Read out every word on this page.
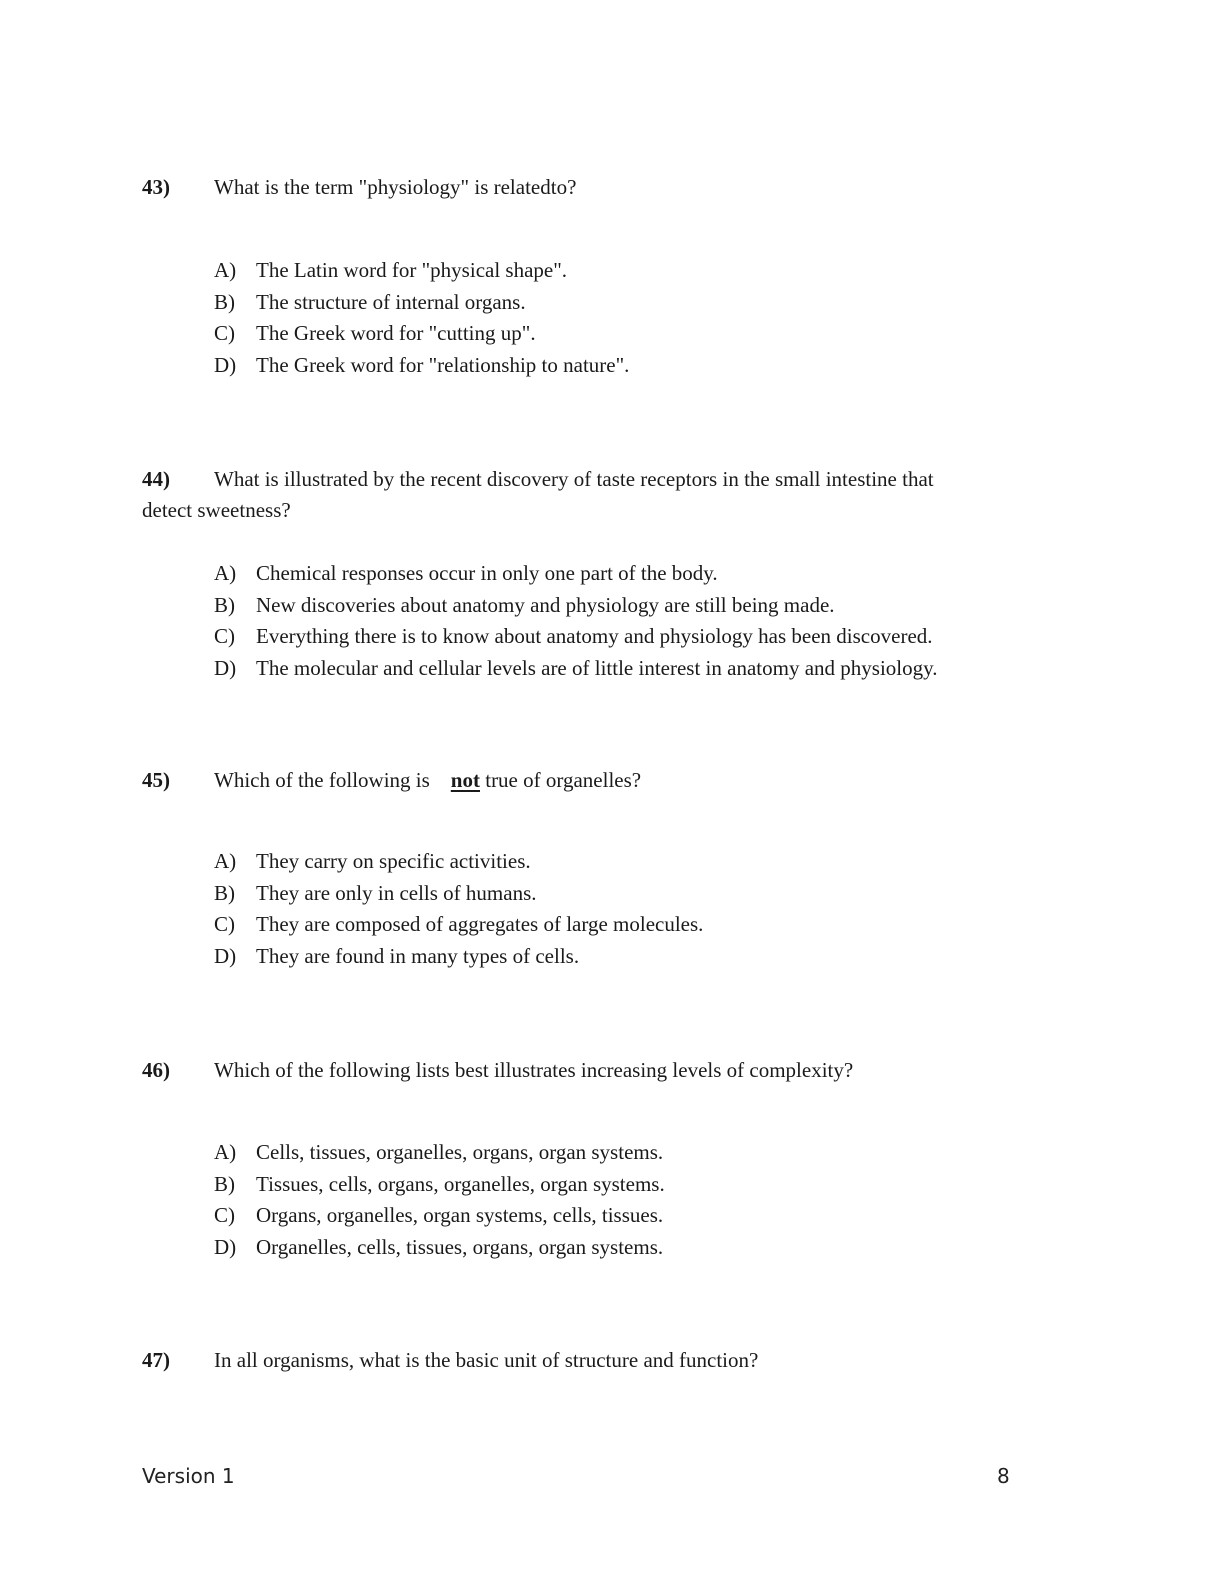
43) What is the term "physiology" is relatedto?
A) The Latin word for "physical shape".
B) The structure of internal organs.
C) The Greek word for "cutting up".
D) The Greek word for "relationship to nature".
44) What is illustrated by the recent discovery of taste receptors in the small intestine that
detect sweetness?
A) Chemical responses occur in only one part of the body.
B) New discoveries about anatomy and physiology are still being made.
C) Everything there is to know about anatomy and physiology has been discovered.
D) The molecular and cellular levels are of little interest in anatomy and physiology.
45) Which of the following is not true of organelles?
A) They carry on specific activities.
B) They are only in cells of humans.
C) They are composed of aggregates of large molecules.
D) They are found in many types of cells.
46) Which of the following lists best illustrates increasing levels of complexity?
A) Cells, tissues, organelles, organs, organ systems.
B) Tissues, cells, organs, organelles, organ systems.
C) Organs, organelles, organ systems, cells, tissues.
D) Organelles, cells, tissues, organs, organ systems.
47) In all organisms, what is the basic unit of structure and function?
Version 1	8
